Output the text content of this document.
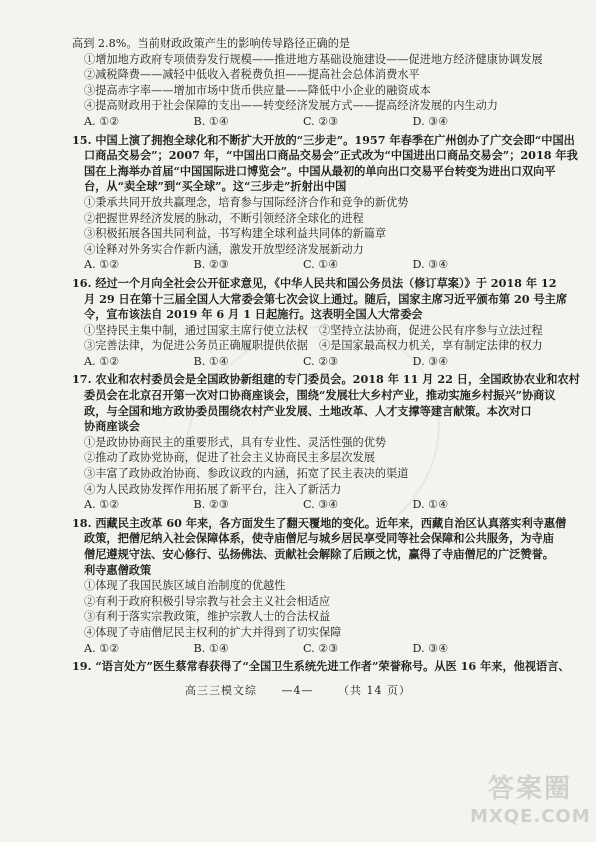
高到 2.8%。当前财政政策产生的影响传导路径正确的是
①增加地方政府专项债券发行规模——推进地方基础设施建设——促进地方经济健康协调发展
②减税降费——减轻中低收入者税费负担——提高社会总体消费水平
③提高赤字率——增加市场中货币供应量——降低中小企业的融资成本
④提高财政用于社会保障的支出——转变经济发展方式——提高经济发展的内生动力
A. ①②	B. ①④	C. ②③	D. ③④
15. 中国上演了拥抱全球化和不断扩大开放的“三步走”。1957 年春季在广州创办了广交会即“中国出
口商品交易会”；2007 年，“中国出口商品交易会”正式改为“中国进出口商品交易会”；2018 年我
国在上海举办首届“中国国际进口博览会”。中国从最初的单向出口交易平台转变为进出口双向平
台，从“卖全球”到“买全球”。这“三步走”折射出中国
①秉承共同开放共赢理念，培育参与国际经济合作和竞争的新优势
②把握世界经济发展的脉动，不断引领经济全球化的进程
③积极拓展各国共同利益，书写构建全球利益共同体的新篇章
④诠释对外务实合作新内涵，激发开放型经济发展新动力
A. ①②	B. ②③	C. ①④	D. ③④
16. 经过一个月向全社会公开征求意见，《中华人民共和国公务员法（修订草案）》于 2018 年 12
月 29 日在第十三届全国人大常委会第七次会议上通过。随后，国家主席习近平颁布第 20 号主席
令，宣布该法自 2019 年 6 月 1 日起施行。这表明全国人大常委会
①坚持民主集中制，通过国家主席行使立法权　②坚持立法协商，促进公民有序参与立法过程
③完善法律，为促进公务员正确履职提供依据　④是国家最高权力机关，享有制定法律的权力
A. ①②	B. ①④	C. ②③	D. ③④
17. 农业和农村委员会是全国政协新组建的专门委员会。2018 年 11 月 22 日，全国政协农业和农村
委员会在北京召开第一次对口协商座谈会，围绕“发展壮大乡村产业，推动实施乡村振兴”协商议
政，与全国和地方政协委员围绕农村产业发展、土地改革、人才支撑等建言献策。本次对口
协商座谈会
①是政协协商民主的重要形式，具有专业性、灵活性强的优势
②推动了政协党协商，促进了社会主义协商民主多层次发展
③丰富了政协政治协商、参政议政的内涵，拓宽了民主表决的渠道
④为人民政协发挥作用拓展了新平台，注入了新活力
A. ①②	B. ②③	C. ③④	D. ①④
18. 西藏民主改革 60 年来，各方面发生了翻天覆地的变化。近年来，西藏自治区认真落实利寺惠僧
政策，把僧尼纳入社会保障体系，使寺庙僧尼与城乡居民享受同等社会保障和公共服务，为寺庙
僧尼遵规守法、安心修行、弘扬佛法、贡献社会解除了后顾之忧，赢得了寺庙僧尼的广泛赞誉。
利寺惠僧政策
①体现了我国民族区域自治制度的优越性
②有利于政府积极引导宗教与社会主义社会相适应
③有利于落实宗教政策，维护宗教人士的合法权益
④体现了寺庙僧尼民主权利的扩大并得到了切实保障
A. ①②	B. ①④	C. ②③	D. ③④
19. “语言处方”医生蔡常春获得了“全国卫生系统先进工作者”荣誉称号。从医 16 年来，他视语言、
高三三模文综 —4— （共 14 页）
答案圈
MXQE.COM
